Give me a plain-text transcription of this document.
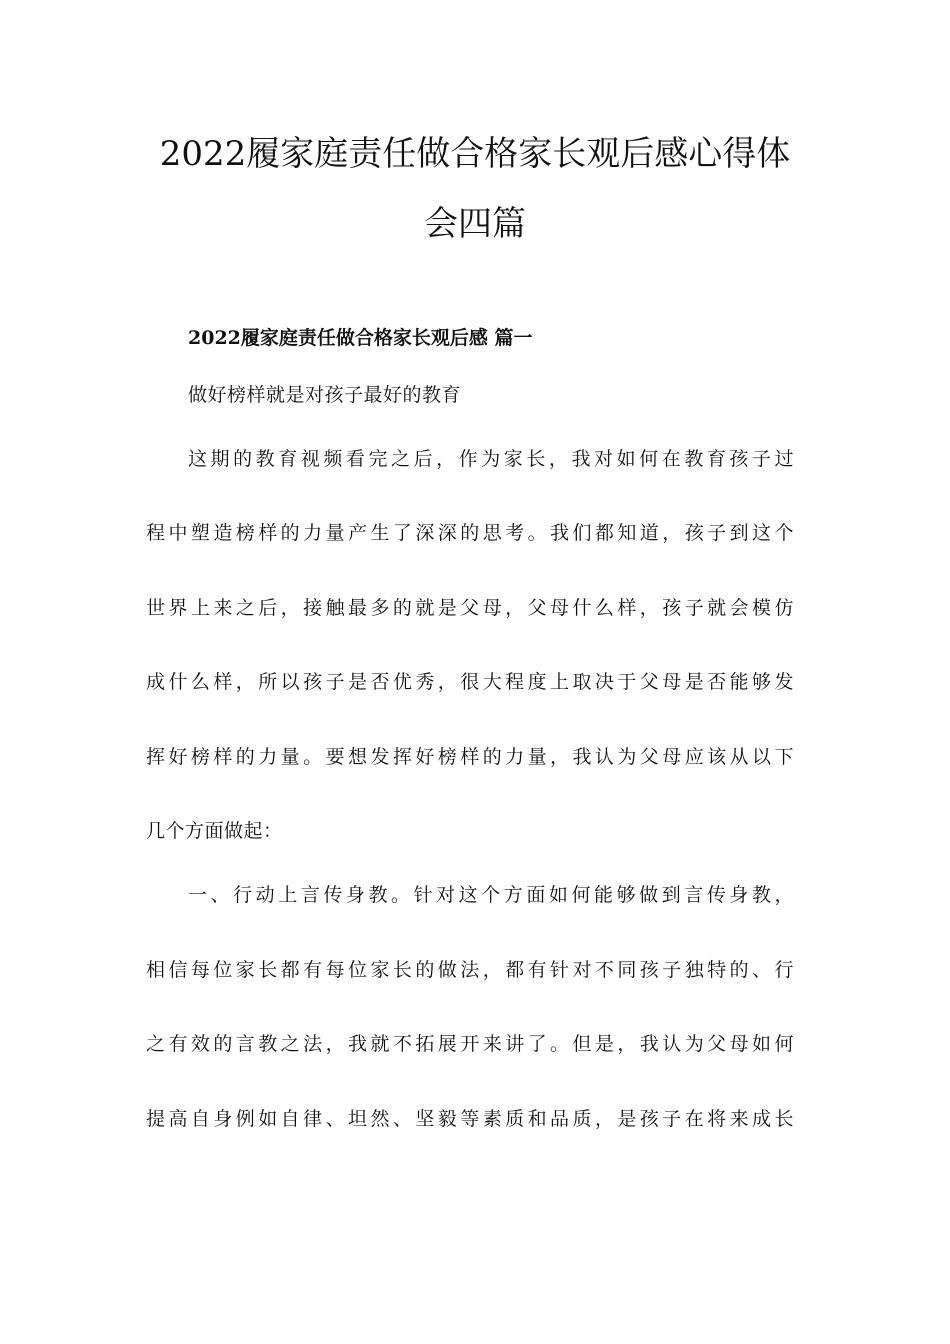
2022履家庭责任做合格家长观后感心得体
会四篇
2022履家庭责任做合格家长观后感 篇一
做好榜样就是对孩子最好的教育
这期的教育视频看完之后，作为家长，我对如何在教育孩子过
程中塑造榜样的力量产生了深深的思考。我们都知道，孩子到这个
世界上来之后，接触最多的就是父母，父母什么样，孩子就会模仿
成什么样，所以孩子是否优秀，很大程度上取决于父母是否能够发
挥好榜样的力量。要想发挥好榜样的力量，我认为父母应该从以下
几个方面做起：
一、行动上言传身教。针对这个方面如何能够做到言传身教，
相信每位家长都有每位家长的做法，都有针对不同孩子独特的、行
之有效的言教之法，我就不拓展开来讲了。但是，我认为父母如何
提高自身例如自律、坦然、坚毅等素质和品质，是孩子在将来成长
